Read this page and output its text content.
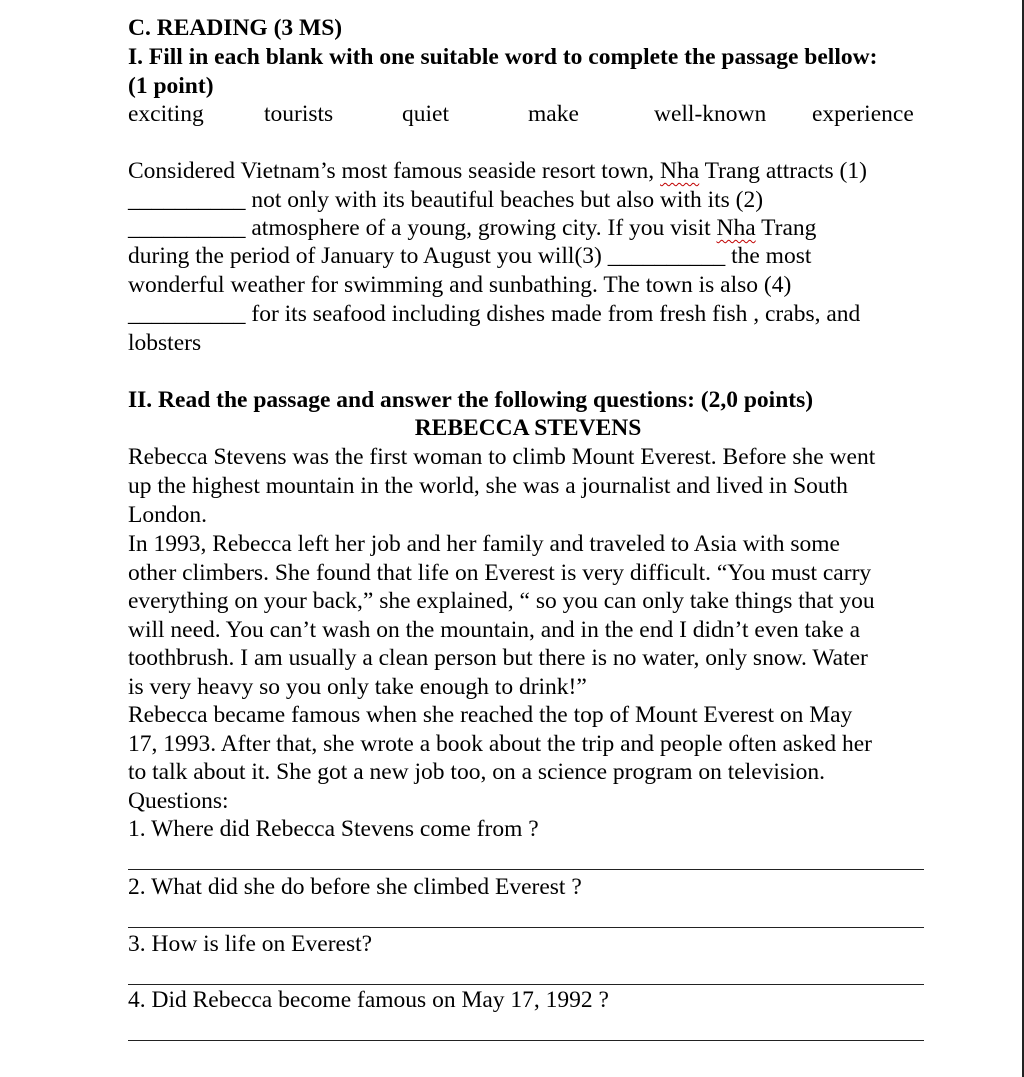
C. READING (3 MS)

I. Fill in each blank with one suitable word to complete the passage bellow:

(1 point)

exciting	tourists	quiet	make	well-known experience

Considered Vietnam’s most famous seaside resort town, Nha Trang attracts (1)

__________ not only with its beautiful beaches but also with its (2)

__________ atmosphere of a young, growing city. If you visit Nha Trang

during the period of January to August you will(3) __________ the most

wonderful weather for swimming and sunbathing. The town is also (4)

__________ for its seafood including dishes made from fresh fish , crabs, and

lobsters

II. Read the passage and answer the following questions: (2,0 points)

REBECCA STEVENS

Rebecca Stevens was the first woman to climb Mount Everest. Before she went

up the highest mountain in the world, she was a journalist and lived in South

London.

In 1993, Rebecca left her job and her family and traveled to Asia with some

other climbers. She found that life on Everest is very difficult. “You must carry

everything on your back,” she explained, “ so you can only take things that you

will need. You can’t wash on the mountain, and in the end I didn’t even take a

toothbrush. I am usually a clean person but there is no water, only snow. Water

is very heavy so you only take enough to drink!”

Rebecca became famous when she reached the top of Mount Everest on May

17, 1993. After that, she wrote a book about the trip and people often asked her

to talk about it. She got a new job too, on a science program on television.

Questions:

1. Where did Rebecca Stevens come from ?

2. What did she do before she climbed Everest ?

3. How is life on Everest?

4. Did Rebecca become famous on May 17, 1992 ?
